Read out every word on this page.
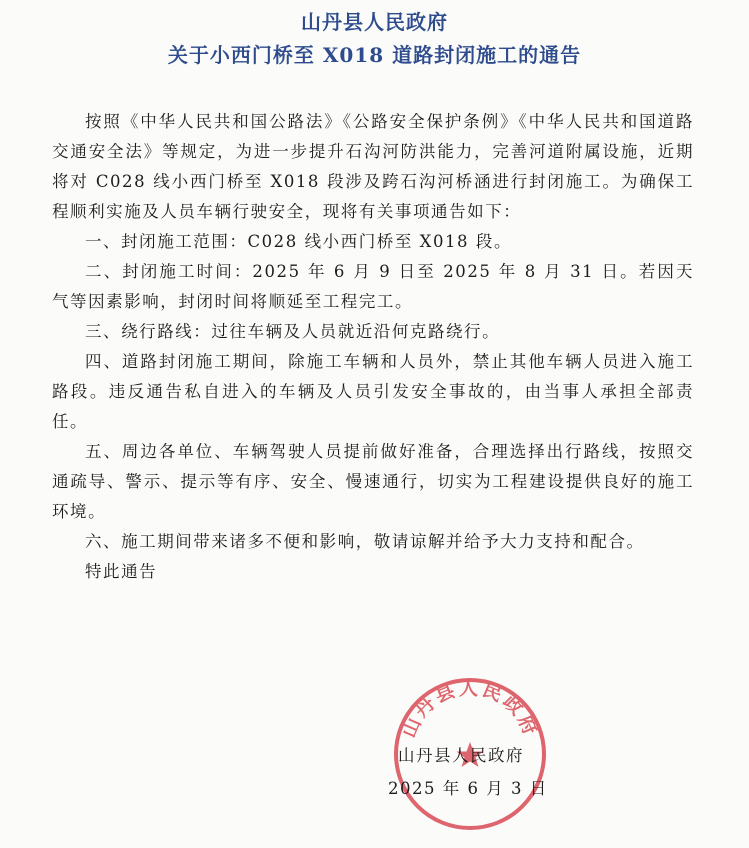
山丹县人民政府
关于小西门桥至 X018 道路封闭施工的通告

按照《中华人民共和国公路法》《公路安全保护条例》《中华人民共和国道路交通安全法》等规定，为进一步提升石沟河防洪能力，完善河道附属设施，近期将对 C028 线小西门桥至 X018 段涉及跨石沟河桥涵进行封闭施工。为确保工程顺利实施及人员车辆行驶安全，现将有关事项通告如下：

一、封闭施工范围：C028 线小西门桥至 X018 段。

二、封闭施工时间：2025 年 6 月 9 日至 2025 年 8 月 31 日。若因天气等因素影响，封闭时间将顺延至工程完工。

三、绕行路线：过往车辆及人员就近沿何克路绕行。

四、道路封闭施工期间，除施工车辆和人员外，禁止其他车辆人员进入施工路段。违反通告私自进入的车辆及人员引发安全事故的，由当事人承担全部责任。

五、周边各单位、车辆驾驶人员提前做好准备，合理选择出行路线，按照交通疏导、警示、提示等有序、安全、慢速通行，切实为工程建设提供良好的施工环境。

六、施工期间带来诸多不便和影响，敬请谅解并给予大力支持和配合。

特此通告

山丹县人民政府
山丹县人民政府
2025 年 6 月 3 日
